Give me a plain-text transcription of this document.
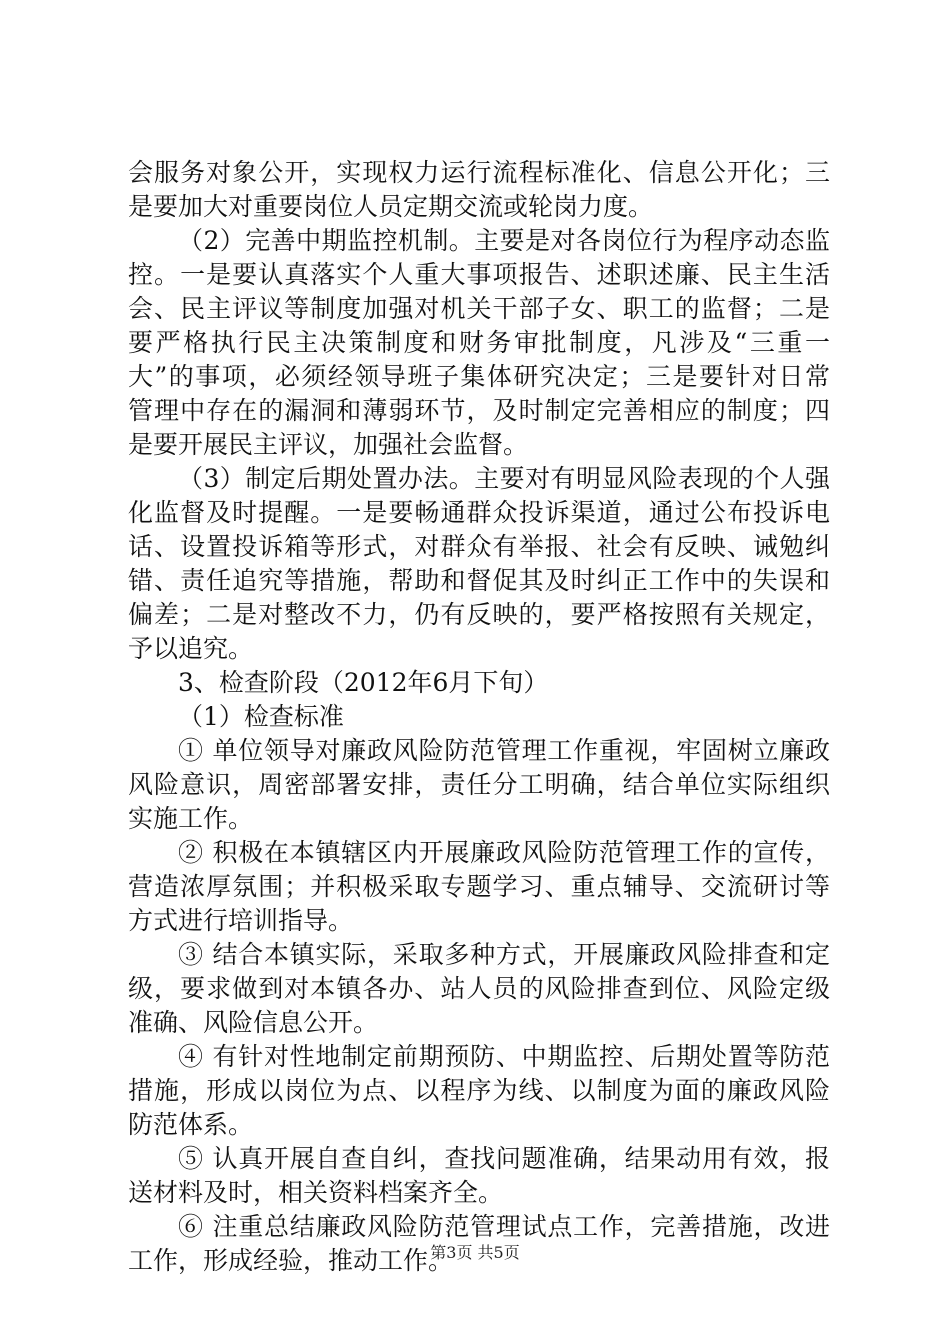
会服务对象公开，实现权力运行流程标准化、信息公开化；三
是要加大对重要岗位人员定期交流或轮岗力度。
（2）完善中期监控机制。主要是对各岗位行为程序动态监
控。一是要认真落实个人重大事项报告、述职述廉、民主生活
会、民主评议等制度加强对机关干部子女、职工的监督；二是
要严格执行民主决策制度和财务审批制度，凡涉及“三重一
大”的事项，必须经领导班子集体研究决定；三是要针对日常
管理中存在的漏洞和薄弱环节，及时制定完善相应的制度；四
是要开展民主评议，加强社会监督。
（3）制定后期处置办法。主要对有明显风险表现的个人强
化监督及时提醒。一是要畅通群众投诉渠道，通过公布投诉电
话、设置投诉箱等形式，对群众有举报、社会有反映、诫勉纠
错、责任追究等措施，帮助和督促其及时纠正工作中的失误和
偏差；二是对整改不力，仍有反映的，要严格按照有关规定，
予以追究。
3、检查阶段（2012年6月下旬）
（1）检查标准
① 单位领导对廉政风险防范管理工作重视，牢固树立廉政
风险意识，周密部署安排，责任分工明确，结合单位实际组织
实施工作。
② 积极在本镇辖区内开展廉政风险防范管理工作的宣传，
营造浓厚氛围；并积极采取专题学习、重点辅导、交流研讨等
方式进行培训指导。
③ 结合本镇实际，采取多种方式，开展廉政风险排查和定
级，要求做到对本镇各办、站人员的风险排查到位、风险定级
准确、风险信息公开。
④ 有针对性地制定前期预防、中期监控、后期处置等防范
措施，形成以岗位为点、以程序为线、以制度为面的廉政风险
防范体系。
⑤ 认真开展自查自纠，查找问题准确，结果动用有效，报
送材料及时，相关资料档案齐全。
⑥ 注重总结廉政风险防范管理试点工作，完善措施，改进
工作，形成经验，推动工作。
第3页 共5页
